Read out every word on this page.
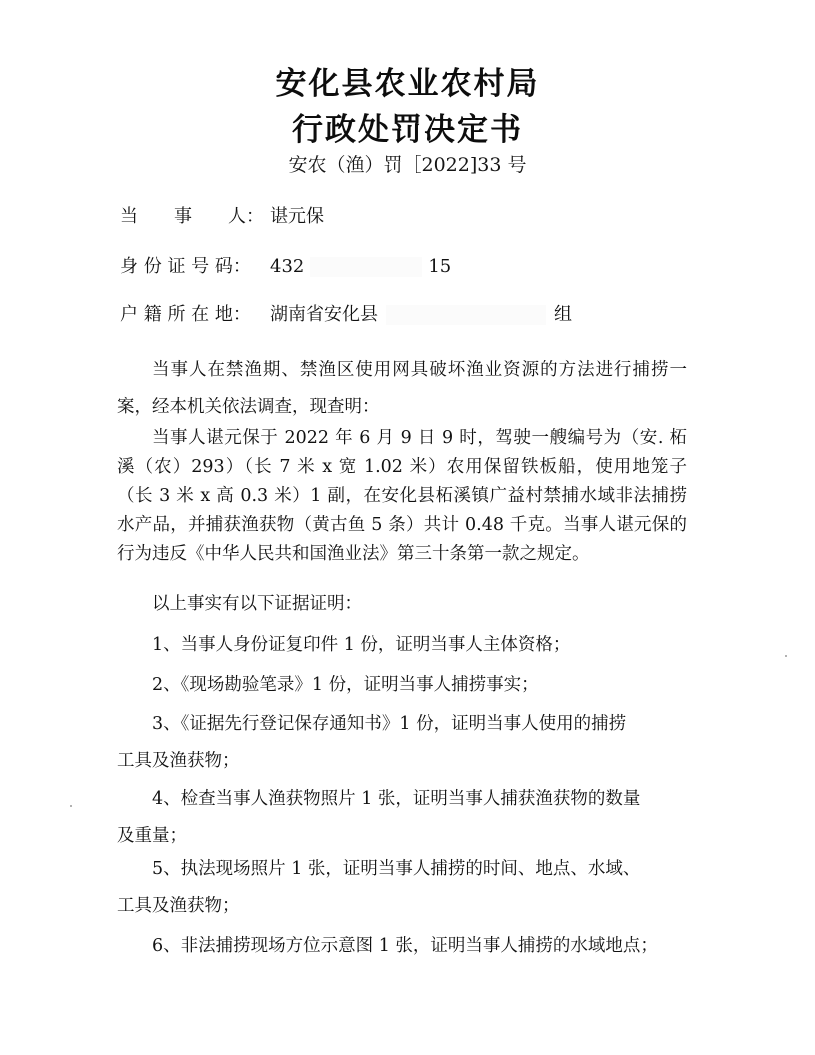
安化县农业农村局
行政处罚决定书
安农（渔）罚［2022]33 号
当　　事　　人： 谌元保
身 份 证 号 码： 432	15
户 籍 所 在 地： 湖南省安化县	组

当事人在禁渔期、禁渔区使用网具破坏渔业资源的方法进行捕捞一案，经本机关依法调查，现查明：

当事人谌元保于 2022 年 6 月 9 日 9 时，驾驶一艘编号为（安. 柘溪（农）293）（长 7 米 x 宽 1.02 米）农用保留铁板船，使用地笼子（长 3 米 x 高 0.3 米）1 副，在安化县柘溪镇广益村禁捕水域非法捕捞水产品，并捕获渔获物（黄古鱼 5 条）共计 0.48 千克。当事人谌元保的行为违反《中华人民共和国渔业法》第三十条第一款之规定。

以上事实有以下证据证明：

1、当事人身份证复印件 1 份，证明当事人主体资格；

2、《现场勘验笔录》1 份，证明当事人捕捞事实；

3、《证据先行登记保存通知书》1 份，证明当事人使用的捕捞

工具及渔获物；

4、检查当事人渔获物照片 1 张，证明当事人捕获渔获物的数量

及重量；

5、执法现场照片 1 张，证明当事人捕捞的时间、地点、水域、

工具及渔获物；

6、非法捕捞现场方位示意图 1 张，证明当事人捕捞的水域地点；
